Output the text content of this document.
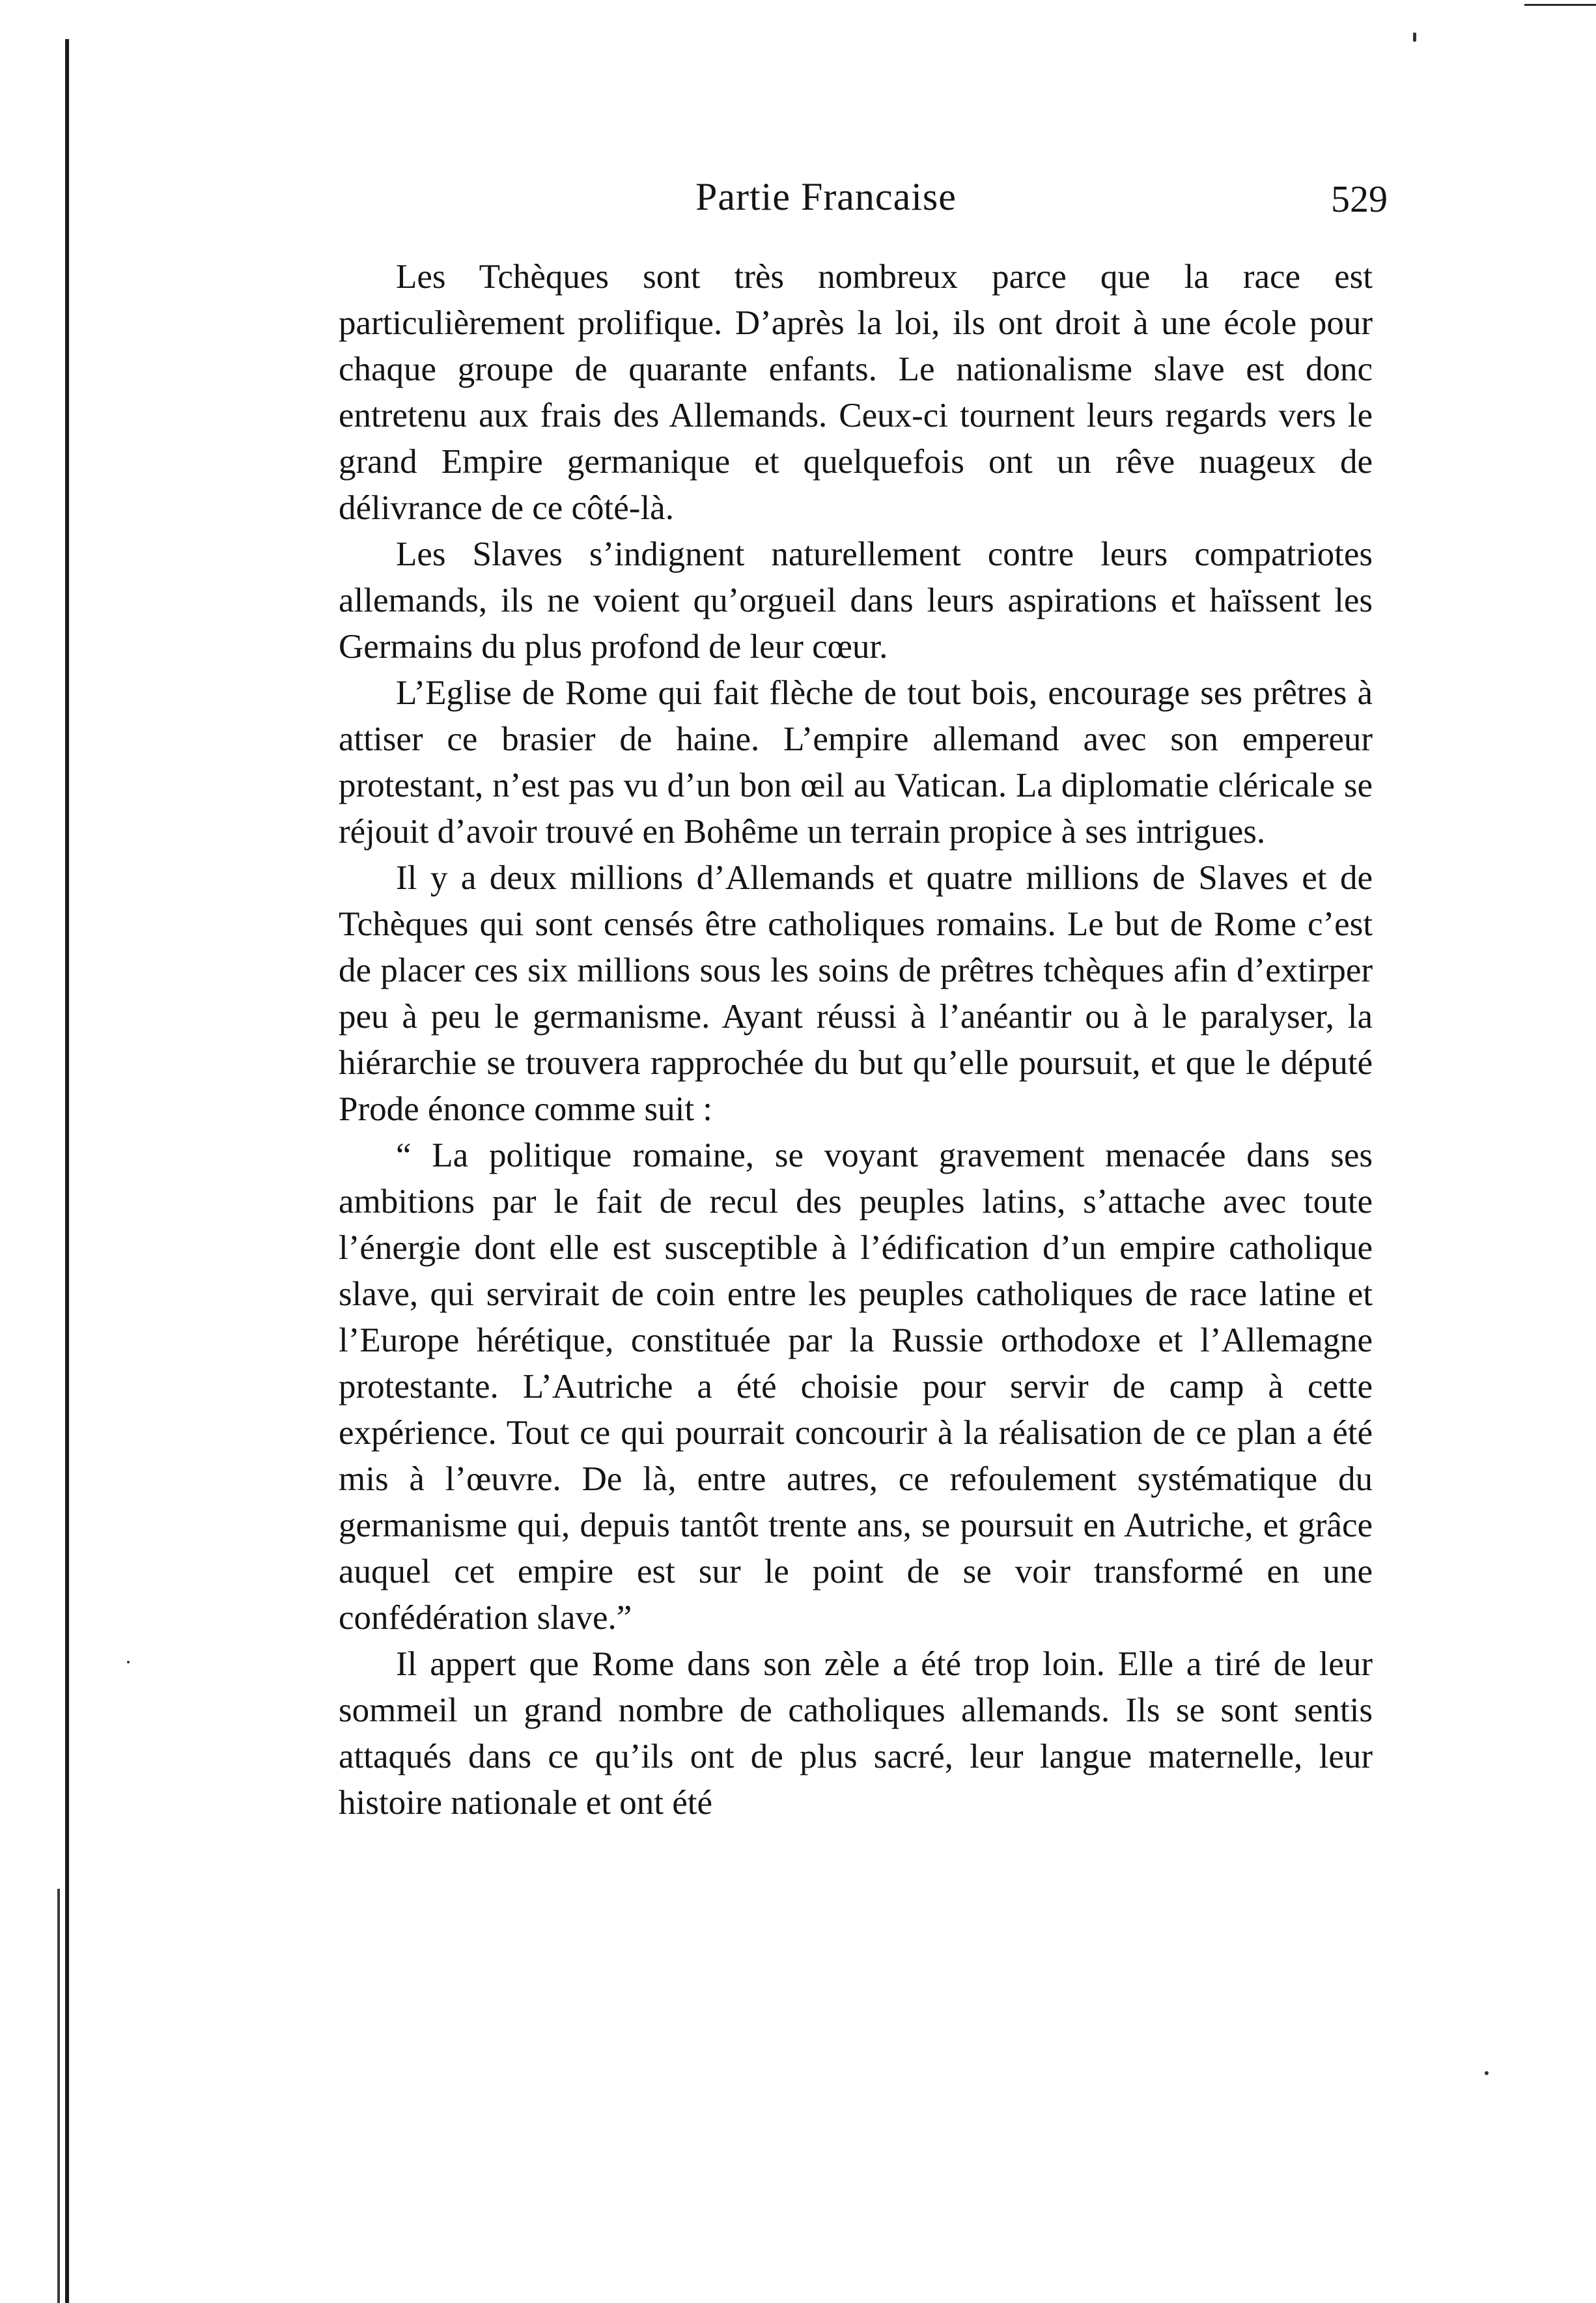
Partie Francaise	529

Les Tchèques sont très nombreux parce que la race est particulièrement prolifique. D’après la loi, ils ont droit à une école pour chaque groupe de quarante enfants. Le nationalisme slave est donc entretenu aux frais des Allemands. Ceux-ci tournent leurs regards vers le grand Empire germanique et quelquefois ont un rêve nuageux de délivrance de ce côté-là.

Les Slaves s’indignent naturellement contre leurs compatriotes allemands, ils ne voient qu’orgueil dans leurs aspirations et haïssent les Germains du plus profond de leur cœur.

L’Eglise de Rome qui fait flèche de tout bois, encourage ses prêtres à attiser ce brasier de haine. L’empire allemand avec son empereur protestant, n’est pas vu d’un bon œil au Vatican. La diplomatie cléricale se réjouit d’avoir trouvé en Bohême un terrain propice à ses intrigues.

Il y a deux millions d’Allemands et quatre millions de Slaves et de Tchèques qui sont censés être catholiques romains. Le but de Rome c’est de placer ces six millions sous les soins de prêtres tchèques afin d’extirper peu à peu le germanisme. Ayant réussi à l’anéantir ou à le paralyser, la hiérarchie se trouvera rapprochée du but qu’elle poursuit, et que le député Prode énonce comme suit :

“ La politique romaine, se voyant gravement menacée dans ses ambitions par le fait de recul des peuples latins, s’attache avec toute l’énergie dont elle est susceptible à l’édification d’un empire catholique slave, qui servirait de coin entre les peuples catholiques de race latine et l’Europe hérétique, constituée par la Russie orthodoxe et l’Allemagne protestante. L’Autriche a été choisie pour servir de camp à cette expérience. Tout ce qui pourrait concourir à la réalisation de ce plan a été mis à l’œuvre. De là, entre autres, ce refoulement systématique du germanisme qui, depuis tantôt trente ans, se poursuit en Autriche, et grâce auquel cet empire est sur le point de se voir transformé en une confédération slave.”

Il appert que Rome dans son zèle a été trop loin. Elle a tiré de leur sommeil un grand nombre de catholiques allemands. Ils se sont sentis attaqués dans ce qu’ils ont de plus sacré, leur langue maternelle, leur histoire nationale et ont été
